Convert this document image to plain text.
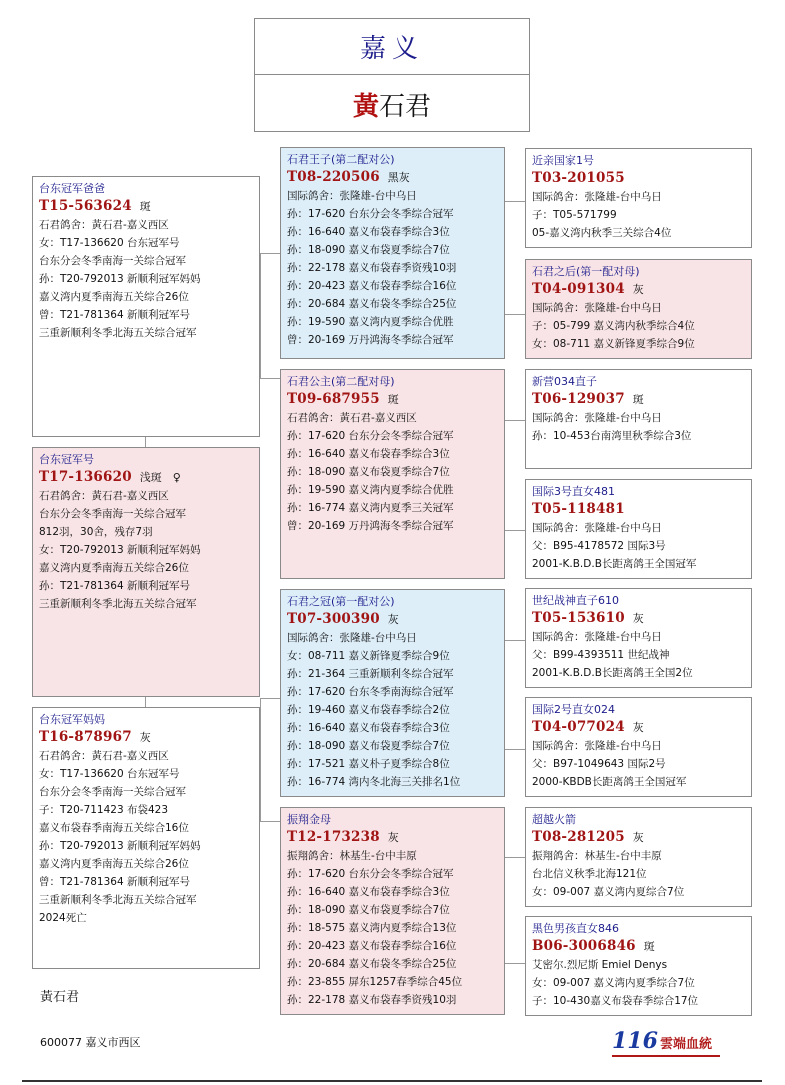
嘉义
黃 石君
台东冠军爸爸
T15-563624 斑
石君鸽舍：黃石君-嘉义西区
女：T17-136620 台东冠军号
台东分会冬季南海一关综合冠军
孙：T20-792013 新顺利冠军妈妈
嘉义湾内夏季南海五关综合26位
曾：T21-781364 新顺利冠军号
三重新顺利冬季北海五关综合冠军
台东冠军号
T17-136620 浅斑　♀
石君鸽舍：黃石君-嘉义西区
台东分会冬季南海一关综合冠军
812羽，30舍，残存7羽
女：T20-792013 新顺利冠军妈妈
嘉义湾内夏季南海五关综合26位
孙：T21-781364 新顺利冠军号
三重新顺利冬季北海五关综合冠军
台东冠军妈妈
T16-878967 灰
石君鸽舍：黃石君-嘉义西区
女：T17-136620 台东冠军号
台东分会冬季南海一关综合冠军
子：T20-711423 布袋423
嘉义布袋春季南海五关综合16位
孙：T20-792013 新顺利冠军妈妈
嘉义湾内夏季南海五关综合26位
曾：T21-781364 新顺利冠军号
三重新顺利冬季北海五关综合冠军
2024死亡
石君王子(第二配对公)
T08-220506 黑灰
国际鸽舍：张隆雄-台中乌日
孙：17-620 台东分会冬季综合冠军
孙：16-640 嘉义布袋春季综合3位
孙：18-090 嘉义布袋夏季综合7位
孙：22-178 嘉义布袋春季资残10羽
孙：20-423 嘉义布袋春季综合16位
孙：20-684 嘉义布袋冬季综合25位
孙：19-590 嘉义湾内夏季综合优胜
曾：20-169 万丹鸿海冬季综合冠军
石君公主(第二配对母)
T09-687955 斑
石君鸽舍：黃石君-嘉义西区
孙：17-620 台东分会冬季综合冠军
孙：16-640 嘉义布袋春季综合3位
孙：18-090 嘉义布袋夏季综合7位
孙：19-590 嘉义湾内夏季综合优胜
孙：16-774 嘉义湾内夏季三关冠军
曾：20-169 万丹鸿海冬季综合冠军
石君之冠(第一配对公)
T07-300390 灰
国际鸽舍：张隆雄-台中乌日
女：08-711 嘉义新锋夏季综合9位
孙：21-364 三重新顺利冬综合冠军
孙：17-620 台东冬季南海综合冠军
孙：19-460 嘉义布袋春季综合2位
孙：16-640 嘉义布袋春季综合3位
孙：18-090 嘉义布袋夏季综合7位
孙：17-521 嘉义朴子夏季综合8位
孙：16-774 湾内冬北海三关排名1位
振翔金母
T12-173238 灰
振翔鸽舍：林基生-台中丰原
孙：17-620 台东分会冬季综合冠军
孙：16-640 嘉义布袋春季综合3位
孙：18-090 嘉义布袋夏季综合7位
孙：18-575 嘉义湾内夏季综合13位
孙：20-423 嘉义布袋春季综合16位
孙：20-684 嘉义布袋冬季综合25位
孙：23-855 屏东1257春季综合45位
孙：22-178 嘉义布袋春季资残10羽
近亲国家1号
T03-201055
国际鸽舍：张隆雄-台中乌日
子：T05-571799
05-嘉义湾内秋季三关综合4位
石君之后(第一配对母)
T04-091304 灰
国际鸽舍：张隆雄-台中乌日
子：05-799 嘉义湾内秋季综合4位
女：08-711 嘉义新锋夏季综合9位
新营034直子
T06-129037 斑
国际鸽舍：张隆雄-台中乌日
孙：10-453台南湾里秋季综合3位
国际3号直女481
T05-118481
国际鸽舍：张隆雄-台中乌日
父：B95-4178572 国际3号
2001-K.B.D.B长距离鸽王全国冠军
世纪战神直子610
T05-153610 灰
国际鸽舍：张隆雄-台中乌日
父：B99-4393511 世纪战神
2001-K.B.D.B长距离鸽王全国2位
国际2号直女024
T04-077024 灰
国际鸽舍：张隆雄-台中乌日
父：B97-1049643 国际2号
2000-KBDB长距离鸽王全国冠军
超越火箭
T08-281205 灰
振翔鸽舍：林基生-台中丰原
台北信义秋季北海121位
女：09-007 嘉义湾内夏综合7位
黑色男孩直女846
B06-3006846 斑
艾密尔.烈尼斯 Emiel Denys
女：09-007 嘉义湾内夏季综合7位
子：10-430嘉义布袋春季综合17位
黃石君
600077 嘉义市西区	116 雲端血統
